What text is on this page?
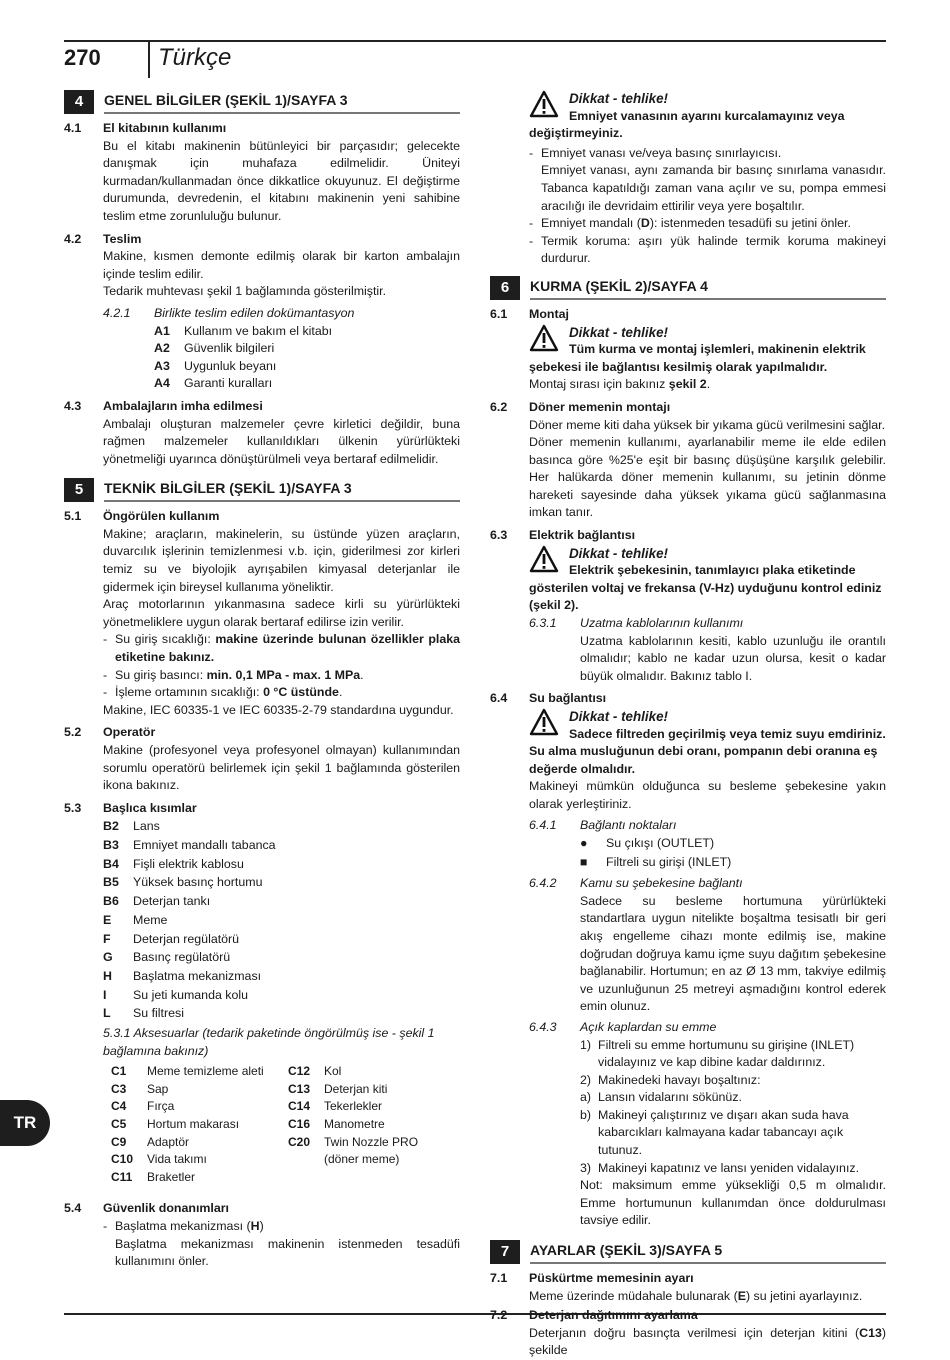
270 Türkçe
TR
4	GENEL BİLGİLER (ŞEKİL 1)/SAYFA 3
4.1	El kitabının kullanımı

Bu el kitabı makinenin bütünleyici bir parçasıdır; gelecekte danışmak için muhafaza edilmelidir. Üniteyi kurmadan/kullanmadan önce dikkatlice okuyunuz. El değiştirme durumunda, devredenin, el kitabını makinenin yeni sahibine teslim etme zorunluluğu bulunur.

4.2	Teslim

Makine, kısmen demonte edilmiş olarak bir karton ambalajın içinde teslim edilir.

Tedarik muhtevası şekil 1 bağlamında gösterilmiştir.

4.2.1	Birlikte teslim edilen dokümantasyon
A1	Kullanım ve bakım el kitabı
A2	Güvenlik bilgileri
A3	Uygunluk beyanı
A4	Garanti kuralları
4.3	Ambalajların imha edilmesi

Ambalajı oluşturan malzemeler çevre kirletici değildir, buna rağmen malzemeler kullanıldıkları ülkenin yürürlükteki yönetmeliği uyarınca dönüştürülmeli veya bertaraf edilmelidir.

5	TEKNİK BİLGİLER (ŞEKİL 1)/SAYFA 3
5.1	Öngörülen kullanım

Makine; araçların, makinelerin, su üstünde yüzen araçların, duvarcılık işlerinin temizlenmesi v.b. için, giderilmesi zor kirleri temiz su ve biyolojik ayrışabilen kimyasal deterjanlar ile gidermek için bireysel kullanıma yöneliktir.

Araç motorlarının yıkanmasına sadece kirli su yürürlükteki yönetmeliklere uygun olarak bertaraf edilirse izin verilir.

- Su giriş sıcaklığı: makine üzerinde bulunan özellikler plaka etiketine bakınız.
- Su giriş basıncı: min. 0,1 MPa - max. 1 MPa.
- İşleme ortamının sıcaklığı: 0 °C üstünde.

Makine, IEC 60335-1 ve IEC 60335-2-79 standardına uygundur.

5.2	Operatör

Makine (profesyonel veya profesyonel olmayan) kullanımından sorumlu operatörü belirlemek için şekil 1 bağlamında gösterilen ikona bakınız.

5.3	Başlıca kısımlar
B2	Lans
B3	Emniyet mandallı tabanca
B4	Fişli elektrik kablosu
B5	Yüksek basınç hortumu
B6	Deterjan tankı
E	Meme
F	Deterjan regülatörü
G	Basınç regülatörü
H	Başlatma mekanizması
I	Su jeti kumanda kolu
L	Su filtresi

5.3.1 Aksesuarlar (tedarik paketinde öngörülmüş ise - şekil 1 bağlamına bakınız)

C1	Meme temizleme aleti	C12	Kol
C3	Sap	C13	Deterjan kiti
C4	Fırça	C14	Tekerlekler
C5	Hortum makarası	C16	Manometre
C9	Adaptör	C20	Twin Nozzle PRO
C10	Vida takımı	(döner meme)
C11	Braketler
5.4	Güvenlik donanımları
- Başlatma mekanizması (H)

Başlatma mekanizması makinenin istenmeden tesadüfi kullanımını önler.

Dikkat - tehlike!
Emniyet vanasının ayarını kurcalamayınız veya değiştirmeyiniz.
- Emniyet vanası ve/veya basınç sınırlayıcısı.

Emniyet vanası, aynı zamanda bir basınç sınırlama vanasıdır. Tabanca kapatıldığı zaman vana açılır ve su, pompa emmesi aracılığı ile devridaim ettirilir veya yere boşaltılır.

- Emniyet mandalı (D): istenmeden tesadüfi su jetini önler.
- Termik koruma: aşırı yük halinde termik koruma makineyi durdurur.
6	KURMA (ŞEKİL 2)/SAYFA 4
6.1	Montaj
Dikkat - tehlike!
Tüm kurma ve montaj işlemleri, makinenin elektrik şebekesi ile bağlantısı kesilmiş olarak yapılmalıdır.

Montaj sırası için bakınız şekil 2.

6.2	Döner memenin montajı

Döner meme kiti daha yüksek bir yıkama gücü verilmesini sağlar.

Döner memenin kullanımı, ayarlanabilir meme ile elde edilen basınca göre %25'e eşit bir basınç düşüşüne karşılık gelebilir. Her halükarda döner memenin kullanımı, su jetinin dönme hareketi sayesinde daha yüksek yıkama gücü sağlanmasına imkan tanır.

6.3	Elektrik bağlantısı
Dikkat - tehlike!
Elektrik şebekesinin, tanımlayıcı plaka etiketinde gösterilen voltaj ve frekansa (V-Hz) uyduğunu kontrol ediniz (şekil 2).
6.3.1	Uzatma kablolarının kullanımı

Uzatma kablolarının kesiti, kablo uzunluğu ile orantılı olmalıdır; kablo ne kadar uzun olursa, kesit o kadar büyük olmalıdır. Bakınız tablo I.

6.4	Su bağlantısı
Dikkat - tehlike!
Sadece filtreden geçirilmiş veya temiz suyu emdiriniz. Su alma musluğunun debi oranı, pompanın debi oranına eş değerde olmalıdır.

Makineyi mümkün olduğunca su besleme şebekesine yakın olarak yerleştiriniz.

6.4.1	Bağlantı noktaları
●	Su çıkışı (OUTLET)
■	Filtreli su girişi (INLET)
6.4.2	Kamu su şebekesine bağlantı

Sadece su besleme hortumuna yürürlükteki standartlara uygun nitelikte boşaltma tesisatlı bir geri akış engelleme cihazı monte edilmiş ise, makine doğrudan doğruya kamu içme suyu dağıtım şebekesine bağlanabilir. Hortumun; en az Ø 13 mm, takviye edilmiş ve uzunluğunun 25 metreyi aşmadığını kontrol ederek emin olunuz.

6.4.3	Açık kaplardan su emme
1) Filtreli su emme hortumunu su girişine (INLET) vidalayınız ve kap dibine kadar daldırınız.
2) Makinedeki havayı boşaltınız:
a) Lansın vidalarını sökünüz.
b) Makineyi çalıştırınız ve dışarı akan suda hava kabarcıkları kalmayana kadar tabancayı açık tutunuz.
3) Makineyi kapatınız ve lansı yeniden vidalayınız.

Not: maksimum emme yüksekliği 0,5 m olmalıdır. Emme hortumunun kullanımdan önce doldurulması tavsiye edilir.

7	AYARLAR (ŞEKİL 3)/SAYFA 5
7.1	Püskürtme memesinin ayarı

Meme üzerinde müdahale bulunarak (E) su jetini ayarlayınız.

7.2	Deterjan dağıtımını ayarlama

Deterjanın doğru basınçta verilmesi için deterjan kitini (C13) şekilde
